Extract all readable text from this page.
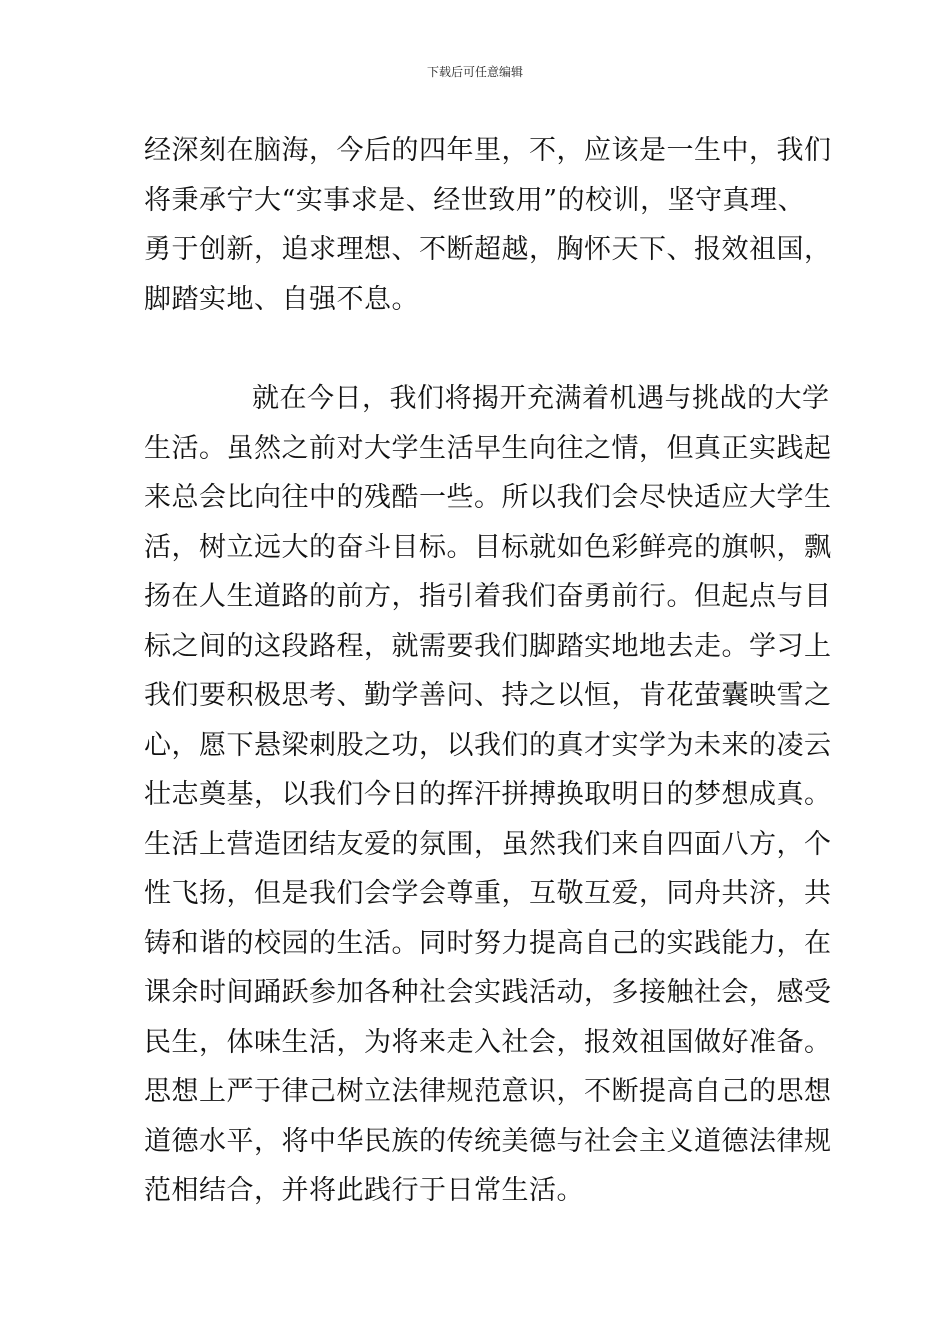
下载后可任意编辑
经深刻在脑海，今后的四年里，不，应该是一生中，我们
将秉承宁大“实事求是、经世致用”的校训，坚守真理、
勇于创新，追求理想、不断超越，胸怀天下、报效祖国，
脚踏实地、自强不息。
就在今日，我们将揭开充满着机遇与挑战的大学
生活。虽然之前对大学生活早生向往之情，但真正实践起
来总会比向往中的残酷一些。所以我们会尽快适应大学生
活，树立远大的奋斗目标。目标就如色彩鲜亮的旗帜，飘
扬在人生道路的前方，指引着我们奋勇前行。但起点与目
标之间的这段路程，就需要我们脚踏实地地去走。学习上
我们要积极思考、勤学善问、持之以恒，肯花萤囊映雪之
心，愿下悬梁刺股之功，以我们的真才实学为未来的凌云
壮志奠基，以我们今日的挥汗拼搏换取明日的梦想成真。
生活上营造团结友爱的氛围，虽然我们来自四面八方，个
性飞扬，但是我们会学会尊重，互敬互爱，同舟共济，共
铸和谐的校园的生活。同时努力提高自己的实践能力，在
课余时间踊跃参加各种社会实践活动，多接触社会，感受
民生，体味生活，为将来走入社会，报效祖国做好准备。
思想上严于律己树立法律规范意识，不断提高自己的思想
道德水平，将中华民族的传统美德与社会主义道德法律规
范相结合，并将此践行于日常生活。
